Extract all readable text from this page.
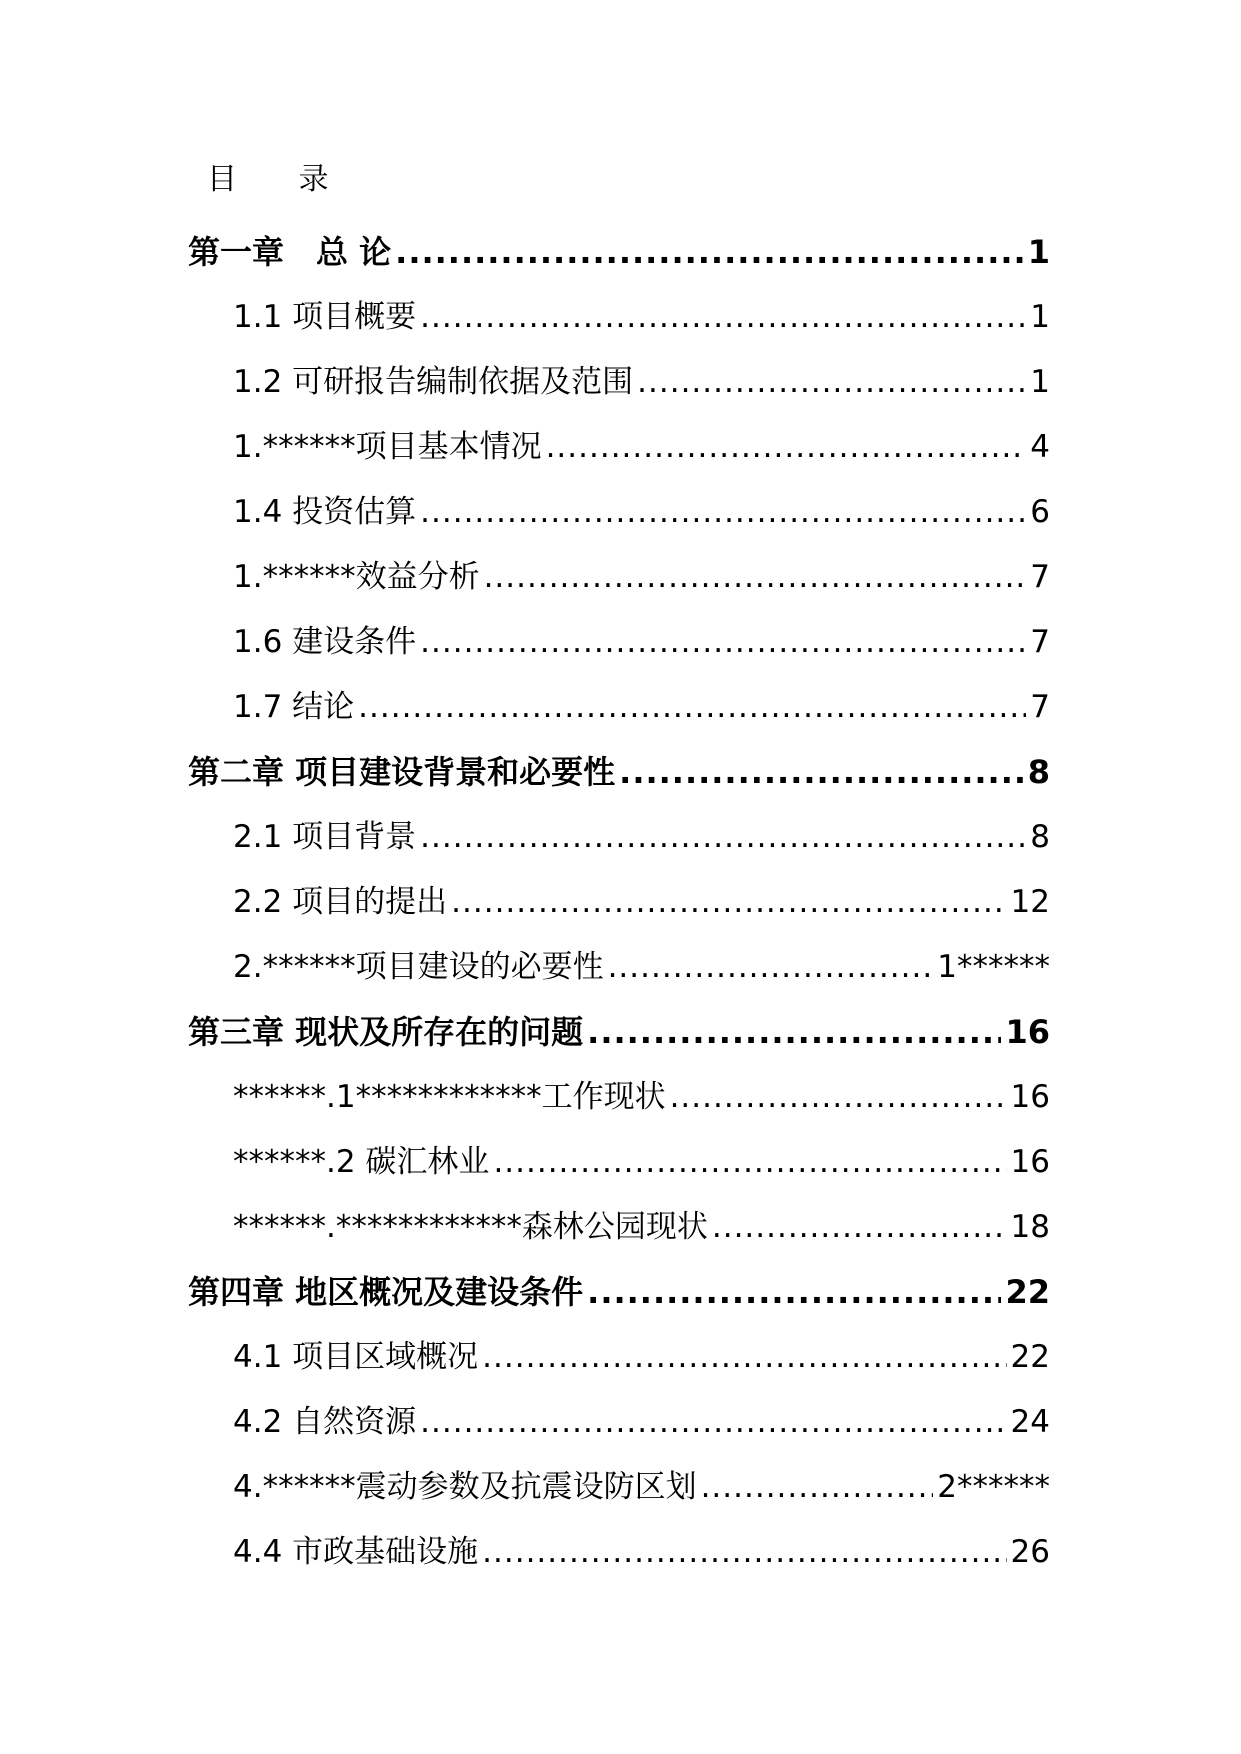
目 录
第一章　总 论 .....	1
1.1 项目概要 .....	1
1.2 可研报告编制依据及范围 .....	1
1.******项目基本情况 .....	4
1.4 投资估算 .....	6
1.******效益分析 .....	7
1.6 建设条件 .....	7
1.7 结论 .....	7
第二章 项目建设背景和必要性 .....	8
2.1 项目背景 .....	8
2.2 项目的提出 .....	12
2.******项目建设的必要性 .....	1******
第三章 现状及所存在的问题 .....	16
******.1************工作现状 .....	16
******.2 碳汇林业 .....	16
******.************森林公园现状 .....	18
第四章 地区概况及建设条件 .....	22
4.1 项目区域概况 .....	22
4.2 自然资源 .....	24
4.******震动参数及抗震设防区划 .....	2******
4.4 市政基础设施 .....	26
